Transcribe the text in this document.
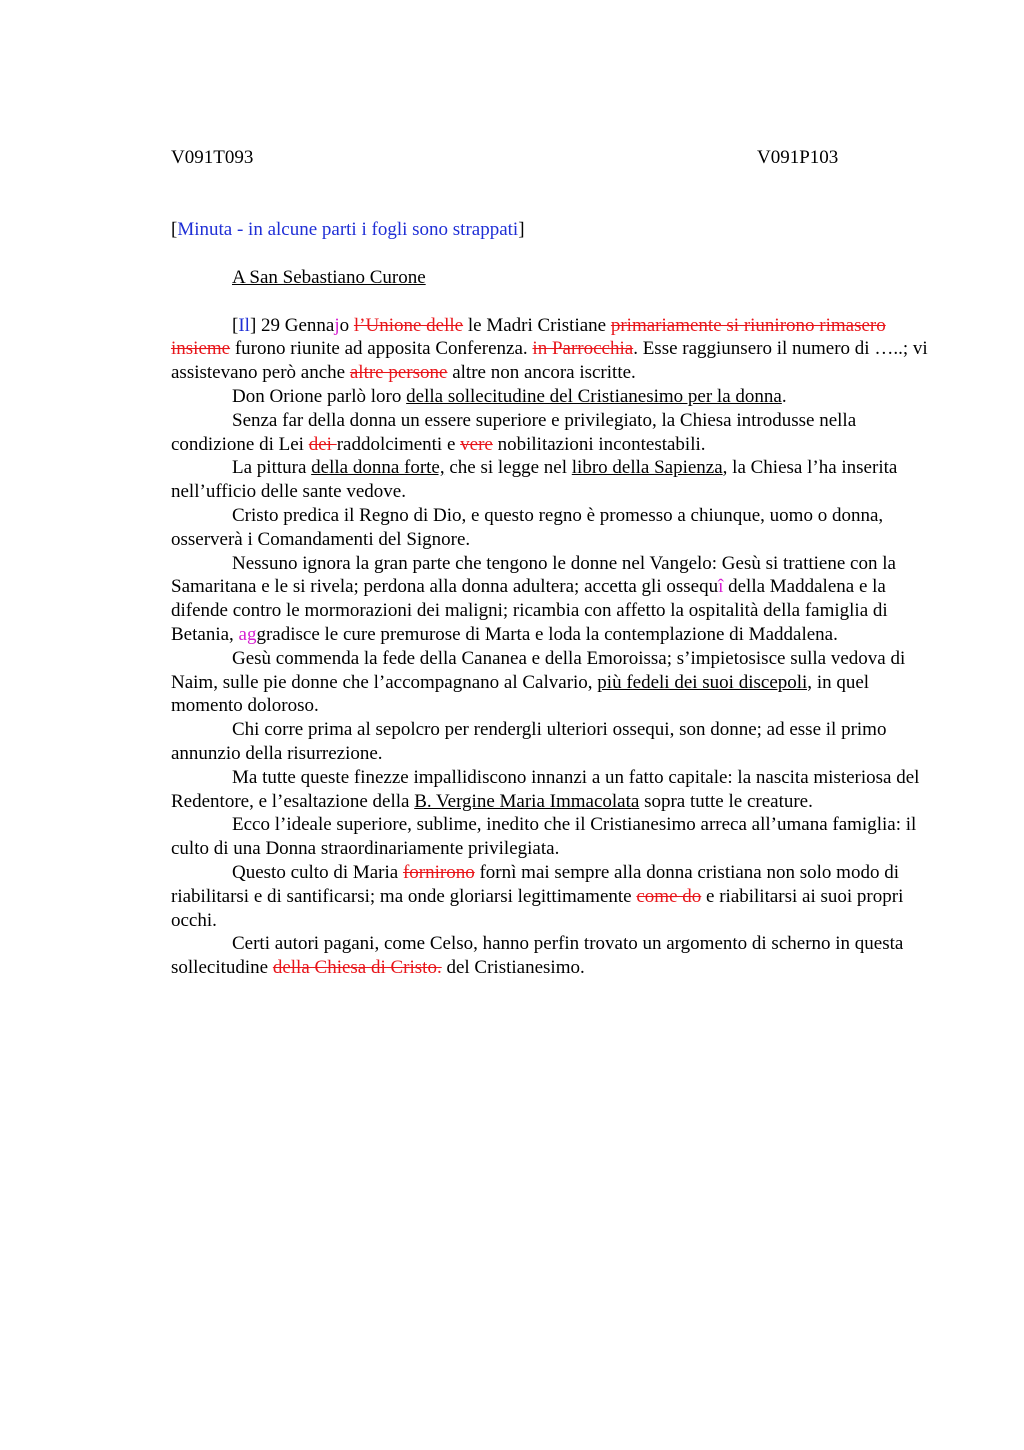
V091T093	V091P103
[Minuta - in alcune parti i fogli sono strappati]
A San Sebastiano Curone

[Il] 29 Gennajo l’Unione delle le Madri Cristiane primariamente si riunirono rimasero insieme furono riunite ad apposita Conferenza. in Parrocchia. Esse raggiunsero il numero di …..; vi assistevano però anche altre persone altre non ancora iscritte.

Don Orione parlò loro della sollecitudine del Cristianesimo per la donna.

Senza far della donna un essere superiore e privilegiato, la Chiesa introdusse nella condizione di Lei dei raddolcimenti e vere nobilitazioni incontestabili.

La pittura della donna forte, che si legge nel libro della Sapienza, la Chiesa l’ha inserita nell’ufficio delle sante vedove.

Cristo predica il Regno di Dio, e questo regno è promesso a chiunque, uomo o donna, osserverà i Comandamenti del Signore.

Nessuno ignora la gran parte che tengono le donne nel Vangelo: Gesù si trattiene con la Samaritana e le si rivela; perdona alla donna adultera; accetta gli ossequî della Maddalena e la difende contro le mormorazioni dei maligni; ricambia con affetto la ospitalità della famiglia di Betania, aggradisce le cure premurose di Marta e loda la contemplazione di Maddalena.

Gesù commenda la fede della Cananea e della Emoroissa; s’impietosisce sulla vedova di Naim, sulle pie donne che l’accompagnano al Calvario, più fedeli dei suoi discepoli, in quel momento doloroso.

Chi corre prima al sepolcro per rendergli ulteriori ossequi, son donne; ad esse il primo annunzio della risurrezione.

Ma tutte queste finezze impallidiscono innanzi a un fatto capitale: la nascita misteriosa del Redentore, e l’esaltazione della B. Vergine Maria Immacolata sopra tutte le creature.

Ecco l’ideale superiore, sublime, inedito che il Cristianesimo arreca all’umana famiglia: il culto di una Donna straordinariamente privilegiata.

Questo culto di Maria fornirono fornì mai sempre alla donna cristiana non solo modo di riabilitarsi e di santificarsi; ma onde gloriarsi legittimamente come do e riabilitarsi ai suoi propri occhi.

Certi autori pagani, come Celso, hanno perfin trovato un argomento di scherno in questa sollecitudine della Chiesa di Cristo. del Cristianesimo.
